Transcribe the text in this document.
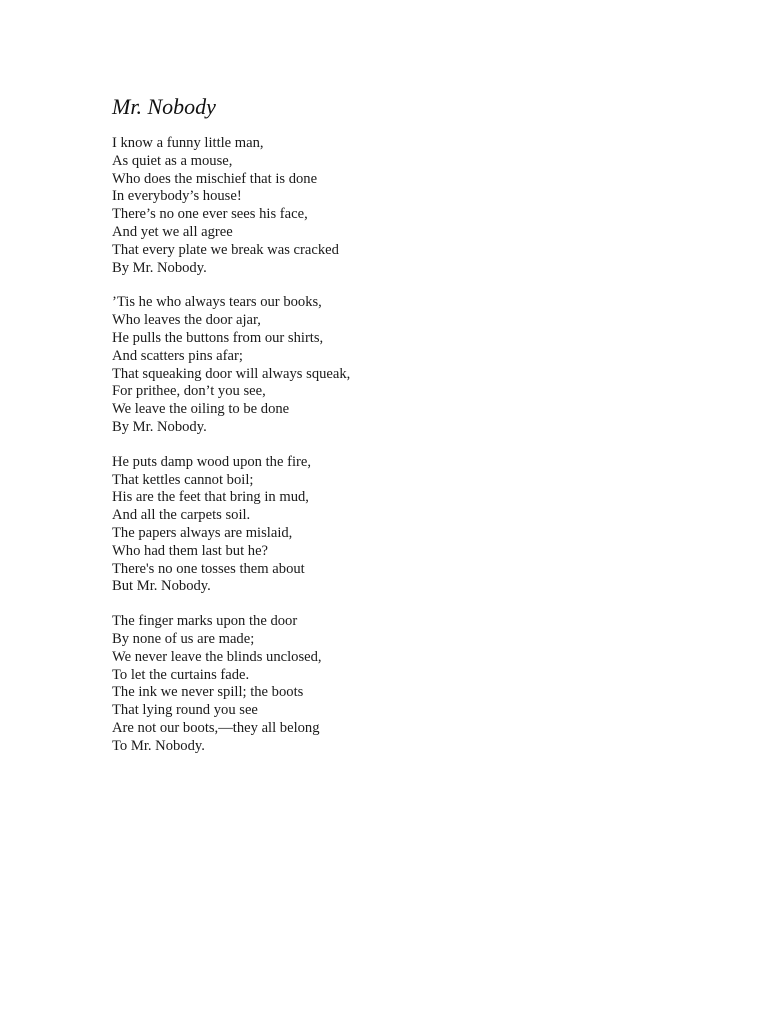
Mr. Nobody
I know a funny little man,
As quiet as a mouse,
Who does the mischief that is done
In everybody’s house!
There’s no one ever sees his face,
And yet we all agree
That every plate we break was cracked
By Mr. Nobody.
’Tis he who always tears our books,
Who leaves the door ajar,
He pulls the buttons from our shirts,
And scatters pins afar;
That squeaking door will always squeak,
For prithee, don’t you see,
We leave the oiling to be done
By Mr. Nobody.
He puts damp wood upon the fire,
That kettles cannot boil;
His are the feet that bring in mud,
And all the carpets soil.
The papers always are mislaid,
Who had them last but he?
There's no one tosses them about
But Mr. Nobody.
The finger marks upon the door
By none of us are made;
We never leave the blinds unclosed,
To let the curtains fade.
The ink we never spill; the boots
That lying round you see
Are not our boots,—they all belong
To Mr. Nobody.
